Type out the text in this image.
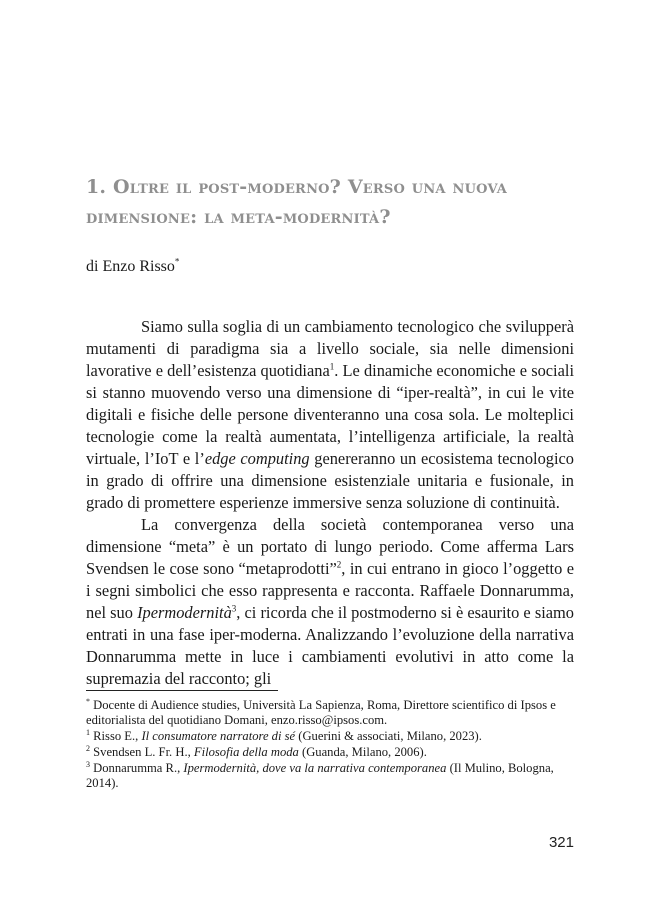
1. Oltre il post-moderno? Verso una nuova dimensione: la meta-modernità?

di Enzo Risso*

Siamo sulla soglia di un cambiamento tecnologico che svilupperà mutamenti di paradigma sia a livello sociale, sia nelle dimensioni lavorative e dell’esistenza quotidiana$^1$. Le dinamiche economiche e sociali si stanno muovendo verso una dimensione di “iper-realtà”, in cui le vite digitali e fisiche delle persone diventeranno una cosa sola. Le molteplici tecnologie come la realtà aumentata, l’intelligenza artificiale, la realtà virtuale, l’IoT e l’edge computing genereranno un ecosistema tecnologico in grado di offrire una dimensione esistenziale unitaria e fusionale, in grado di promettere esperienze immersive senza soluzione di continuità.

La convergenza della società contemporanea verso una dimensione “meta” è un portato di lungo periodo. Come afferma Lars Svendsen le cose sono “metaprodotti”$^2$, in cui entrano in gioco l’oggetto e i segni simbolici che esso rappresenta e racconta. Raffaele Donnarumma, nel suo Ipermodernità$^3$, ci ricorda che il postmoderno si è esaurito e siamo entrati in una fase iper-moderna. Analizzando l’evoluzione della narrativa Donnarumma mette in luce i cambiamenti evolutivi in atto come la supremazia del racconto; gli

* Docente di Audience studies, Università La Sapienza, Roma, Direttore scientifico di Ipsos e editorialista del quotidiano Domani, enzo.risso@ipsos.com.

$^1$ Risso E., Il consumatore narratore di sé (Guerini & associati, Milano, 2023).

$^2$ Svendsen L. Fr. H., Filosofia della moda (Guanda, Milano, 2006).

$^3$ Donnarumma R., Ipermodernità, dove va la narrativa contemporanea (Il Mulino, Bologna, 2014).

321
